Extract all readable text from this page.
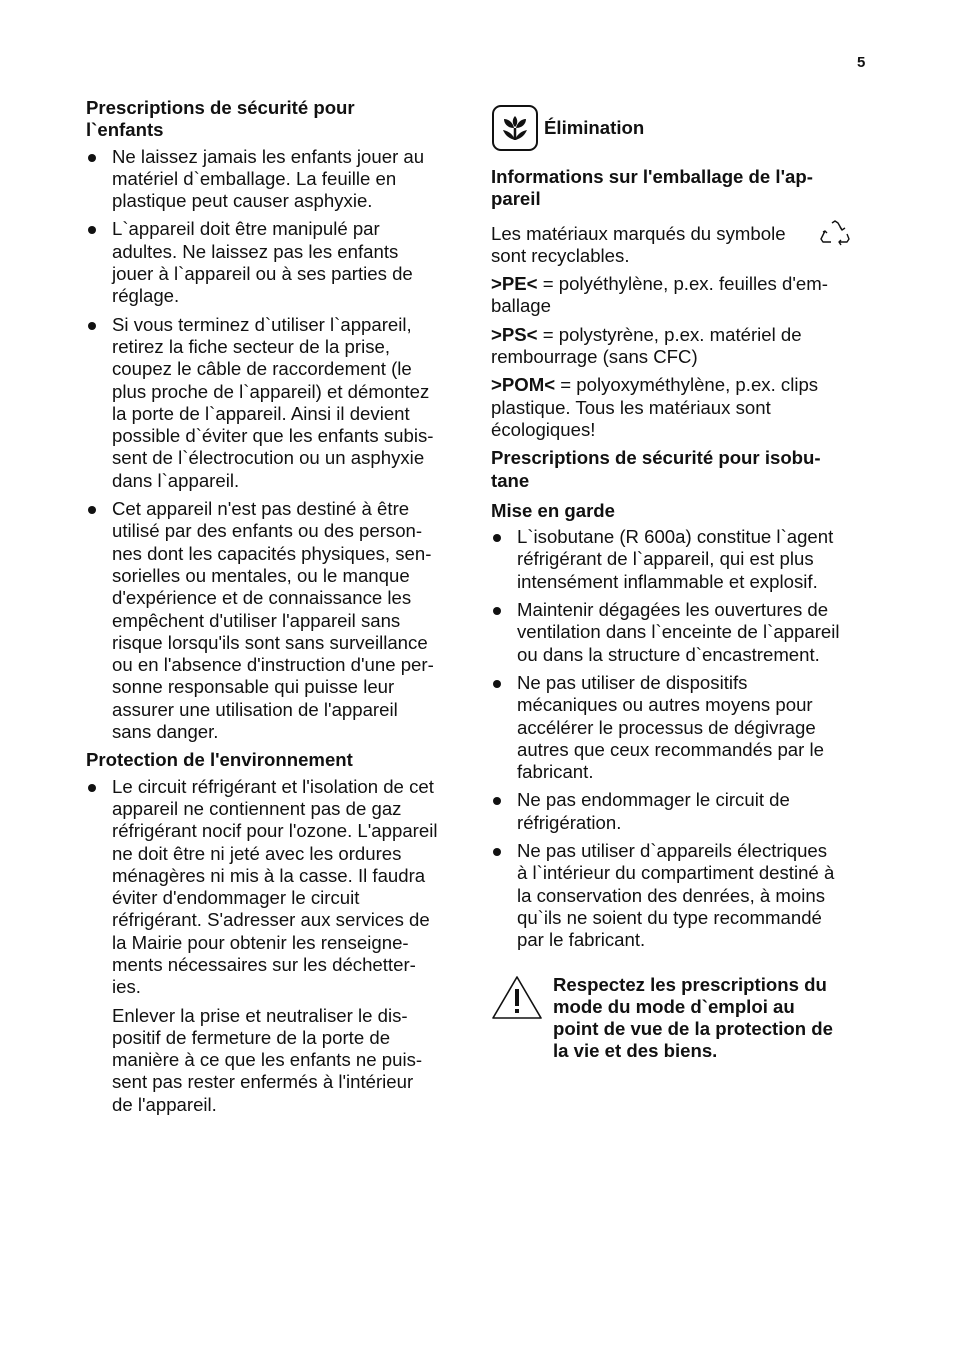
5
Prescriptions de sécurité pour
l`enfants
Ne laissez jamais les enfants jouer au
matériel d`emballage. La feuille en
plastique peut causer asphyxie.
L`appareil doit être manipulé par
adultes. Ne laissez pas les enfants
jouer à l`appareil ou à ses parties de
réglage.
Si vous terminez d`utiliser l`appareil,
retirez la fiche secteur de la prise,
coupez le câble de raccordement (le
plus proche de l`appareil) et démontez
la porte de l`appareil. Ainsi il devient
possible d`éviter que les enfants subis-
sent de l`électrocution ou un asphyxie
dans l`appareil.
Cet appareil n'est pas destiné à être
utilisé par des enfants ou des person-
nes dont les capacités physiques, sen-
sorielles ou mentales, ou le manque
d'expérience et de connaissance les
empêchent d'utiliser l'appareil sans
risque lorsqu'ils sont sans surveillance
ou en l'absence d'instruction d'une per-
sonne responsable qui puisse leur
assurer une utilisation de l'appareil
sans danger.
Protection de l'environnement
Le circuit réfrigérant et l'isolation de cet
appareil ne contiennent pas de gaz
réfrigérant nocif pour l'ozone. L'appareil
ne doit être ni jeté avec les ordures
ménagères ni mis à la casse. Il faudra
éviter d'endommager le circuit
réfrigérant. S'adresser aux services de
la Mairie pour obtenir les renseigne-
ments nécessaires sur les déchetter-
ies.

Enlever la prise et neutraliser le dis-
positif de fermeture de la porte de
manière à ce que les enfants ne puis-
sent pas rester enfermés à l'intérieur
de l'appareil.

Élimination
Informations sur l'emballage de l'ap-
pareil

Les matériaux marqués du symbole
sont recyclables.

>PE< = polyéthylène, p.ex. feuilles d'em-
ballage

>PS< = polystyrène, p.ex. matériel de
rembourrage (sans CFC)

>POM< = polyoxyméthylène, p.ex. clips
plastique. Tous les matériaux sont
écologiques!

Prescriptions de sécurité pour isobu-
tane
Mise en garde
L`isobutane (R 600a) constitue l`agent
réfrigérant de l`appareil, qui est plus
intensément inflammable et explosif.
Maintenir dégagées les ouvertures de
ventilation dans l`enceinte de l`appareil
ou dans la structure d`encastrement.
Ne pas utiliser de dispositifs
mécaniques ou autres moyens pour
accélérer le processus de dégivrage
autres que ceux recommandés par le
fabricant.
Ne pas endommager le circuit de
réfrigération.
Ne pas utiliser d`appareils électriques
à l`intérieur du compartiment destiné à
la conservation des denrées, à moins
qu`ils ne soient du type recommandé
par le fabricant.
Respectez les prescriptions du
mode du mode d`emploi au
point de vue de la protection de
la vie et des biens.
